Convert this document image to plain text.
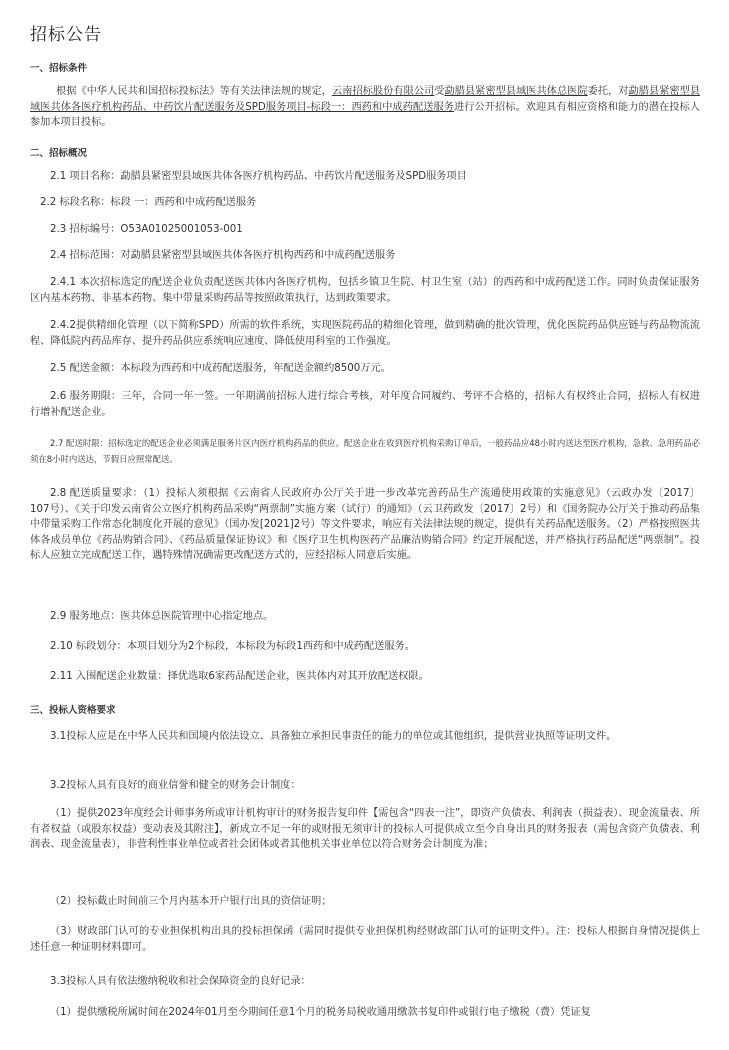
招标公告
一、招标条件

根据《中华人民共和国招标投标法》等有关法律法规的规定，云南招标股份有限公司受勐腊县紧密型县域医共体总医院委托，对勐腊县紧密型县域医共体各医疗机构药品、中药饮片配送服务及SPD服务项目-标段一：西药和中成药配送服务进行公开招标。欢迎具有相应资格和能力的潜在投标人参加本项目投标。

二、招标概况

2.1 项目名称：勐腊县紧密型县域医共体各医疗机构药品、中药饮片配送服务及SPD服务项目

2.2 标段名称：标段 一：西药和中成药配送服务

2.3 招标编号：O53A01025001053-001

2.4 招标范围：对勐腊县紧密型县域医共体各医疗机构西药和中成药配送服务

2.4.1 本次招标选定的配送企业负责配送医共体内各医疗机构，包括乡镇卫生院、村卫生室（站）的西药和中成药配送工作。同时负责保证服务区内基本药物、非基本药物、集中带量采购药品等按照政策执行，达到政策要求。

2.4.2提供精细化管理（以下简称SPD）所需的软件系统，实现医院药品的精细化管理，做到精确的批次管理，优化医院药品供应链与药品物流流程、降低院内药品库存、提升药品供应系统响应速度、降低使用科室的工作强度。

2.5 配送金额：本标段为西药和中成药配送服务，年配送金额约8500万元。

2.6 服务期限：三年，合同一年一签。一年期满前招标人进行综合考核，对年度合同履约、考评不合格的，招标人有权终止合同，招标人有权进行增补配送企业。

2.7 配送时限：招标选定的配送企业必须满足服务片区内医疗机构药品的供应。配送企业在收到医疗机构采购订单后，一般药品应48小时内送达至医疗机构，急救、急用药品必须在8小时内送达，节假日应照常配送。

2.8 配送质量要求：（1）投标人须根据《云南省人民政府办公厅关于进一步改革完善药品生产流通使用政策的实施意见》（云政办发〔2017〕107号）、《关于印发云南省公立医疗机构药品采购“两票制”实施方案（试行）的通知》（云卫药政发〔2017〕2号）和《国务院办公厅关于推动药品集中带量采购工作常态化制度化开展的意见》（国办发[2021]2号）等文件要求，响应有关法律法规的规定，提供有关药品配送服务。（2）严格按照医共体各成员单位《药品购销合同》、《药品质量保证协议》和《医疗卫生机构医药产品廉洁购销合同》约定开展配送，并严格执行药品配送“两票制”。投标人应独立完成配送工作，遇特殊情况确需更改配送方式的，应经招标人同意后实施。

2.9 服务地点：医共体总医院管理中心指定地点。

2.10 标段划分：本项目划分为2个标段，本标段为标段1西药和中成药配送服务。

2.11 入围配送企业数量：择优选取6家药品配送企业，医共体内对其开放配送权限。

三、投标人资格要求

3.1投标人应是在中华人民共和国境内依法设立、具备独立承担民事责任的能力的单位或其他组织，提供营业执照等证明文件。

3.2投标人具有良好的商业信誉和健全的财务会计制度：

（1）提供2023年度经会计师事务所或审计机构审计的财务报告复印件【需包含“四表一注”，即资产负债表、利润表（损益表）、现金流量表、所有者权益（或股东权益）变动表及其附注】，新成立不足一年的或财报无须审计的投标人可提供成立至今自身出具的财务报表（需包含资产负债表、利润表、现金流量表），非营利性事业单位或者社会团体或者其他机关事业单位以符合财务会计制度为准；

（2）投标截止时间前三个月内基本开户银行出具的资信证明；

（3）财政部门认可的专业担保机构出具的投标担保函（需同时提供专业担保机构经财政部门认可的证明文件）。注：投标人根据自身情况提供上述任意一种证明材料即可。

3.3投标人具有依法缴纳税收和社会保障资金的良好记录：

（1）提供缴税所属时间在2024年01月至今期间任意1个月的税务局税收通用缴款书复印件或银行电子缴税（费）凭证复
